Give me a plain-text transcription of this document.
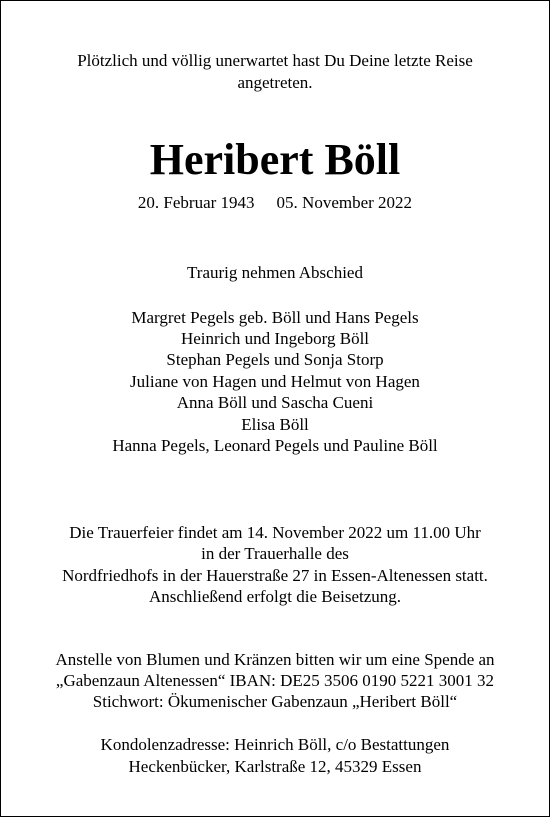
Plötzlich und völlig unerwartet hast Du Deine letzte Reise
angetreten.
Heribert Böll
20. Februar 1943 05. November 2022
Traurig nehmen Abschied
Margret Pegels geb. Böll und Hans Pegels
Heinrich und Ingeborg Böll
Stephan Pegels und Sonja Storp
Juliane von Hagen und Helmut von Hagen
Anna Böll und Sascha Cueni
Elisa Böll
Hanna Pegels, Leonard Pegels und Pauline Böll
Die Trauerfeier findet am 14. November 2022 um 11.00 Uhr
in der Trauerhalle des
Nordfriedhofs in der Hauerstraße 27 in Essen-Altenessen statt.
Anschließend erfolgt die Beisetzung.
Anstelle von Blumen und Kränzen bitten wir um eine Spende an
„Gabenzaun Altenessen“ IBAN: DE25 3506 0190 5221 3001 32
Stichwort: Ökumenischer Gabenzaun „Heribert Böll“
Kondolenzadresse: Heinrich Böll, c/o Bestattungen
Heckenbücker, Karlstraße 12, 45329 Essen
